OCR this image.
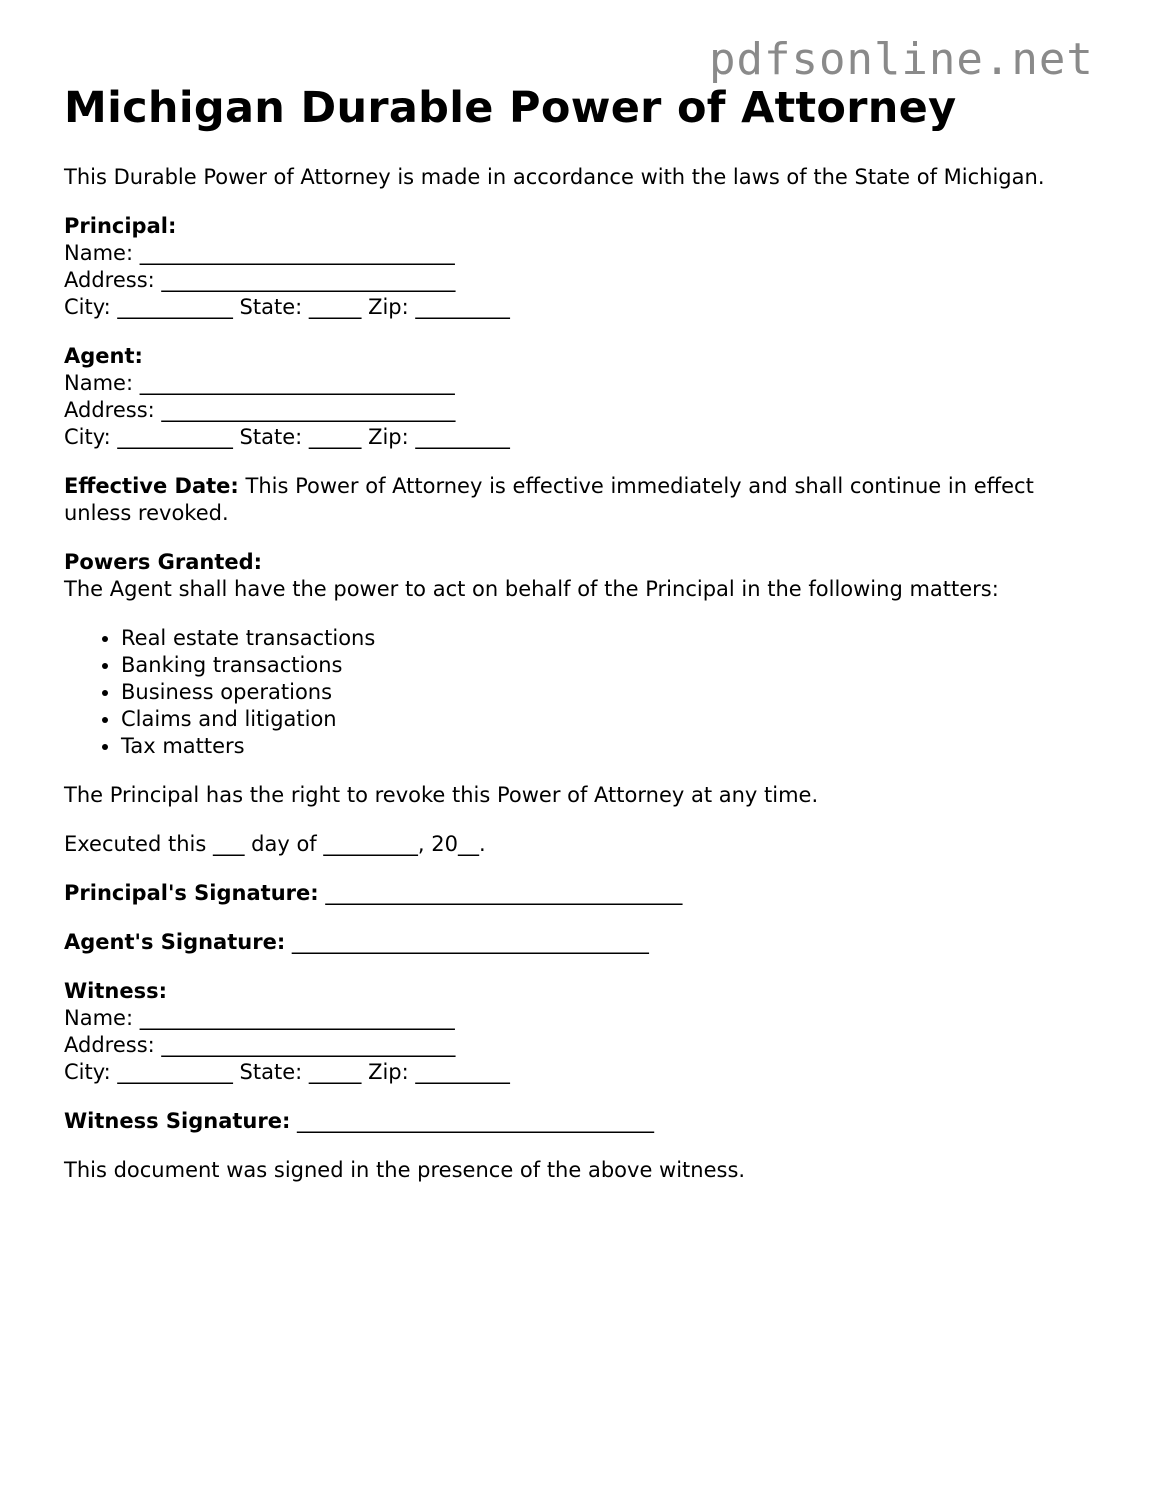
pdfsonline.net
Michigan Durable Power of Attorney

This Durable Power of Attorney is made in accordance with the laws of the State of Michigan.

Principal:
Name: ______________________________
Address: ____________________________
City: ___________ State: _____ Zip: _________
Agent:
Name: ______________________________
Address: ____________________________
City: ___________ State: _____ Zip: _________

Effective Date: This Power of Attorney is effective immediately and shall continue in effect unless revoked.

Powers Granted:

The Agent shall have the power to act on behalf of the Principal in the following matters:

• Real estate transactions
• Banking transactions
• Business operations
• Claims and litigation
• Tax matters

The Principal has the right to revoke this Power of Attorney at any time.

Executed this ___ day of _________, 20__.
Principal's Signature: __________________________________
Agent's Signature: __________________________________
Witness:
Name: ______________________________
Address: ____________________________
City: ___________ State: _____ Zip: _________
Witness Signature: __________________________________

This document was signed in the presence of the above witness.
